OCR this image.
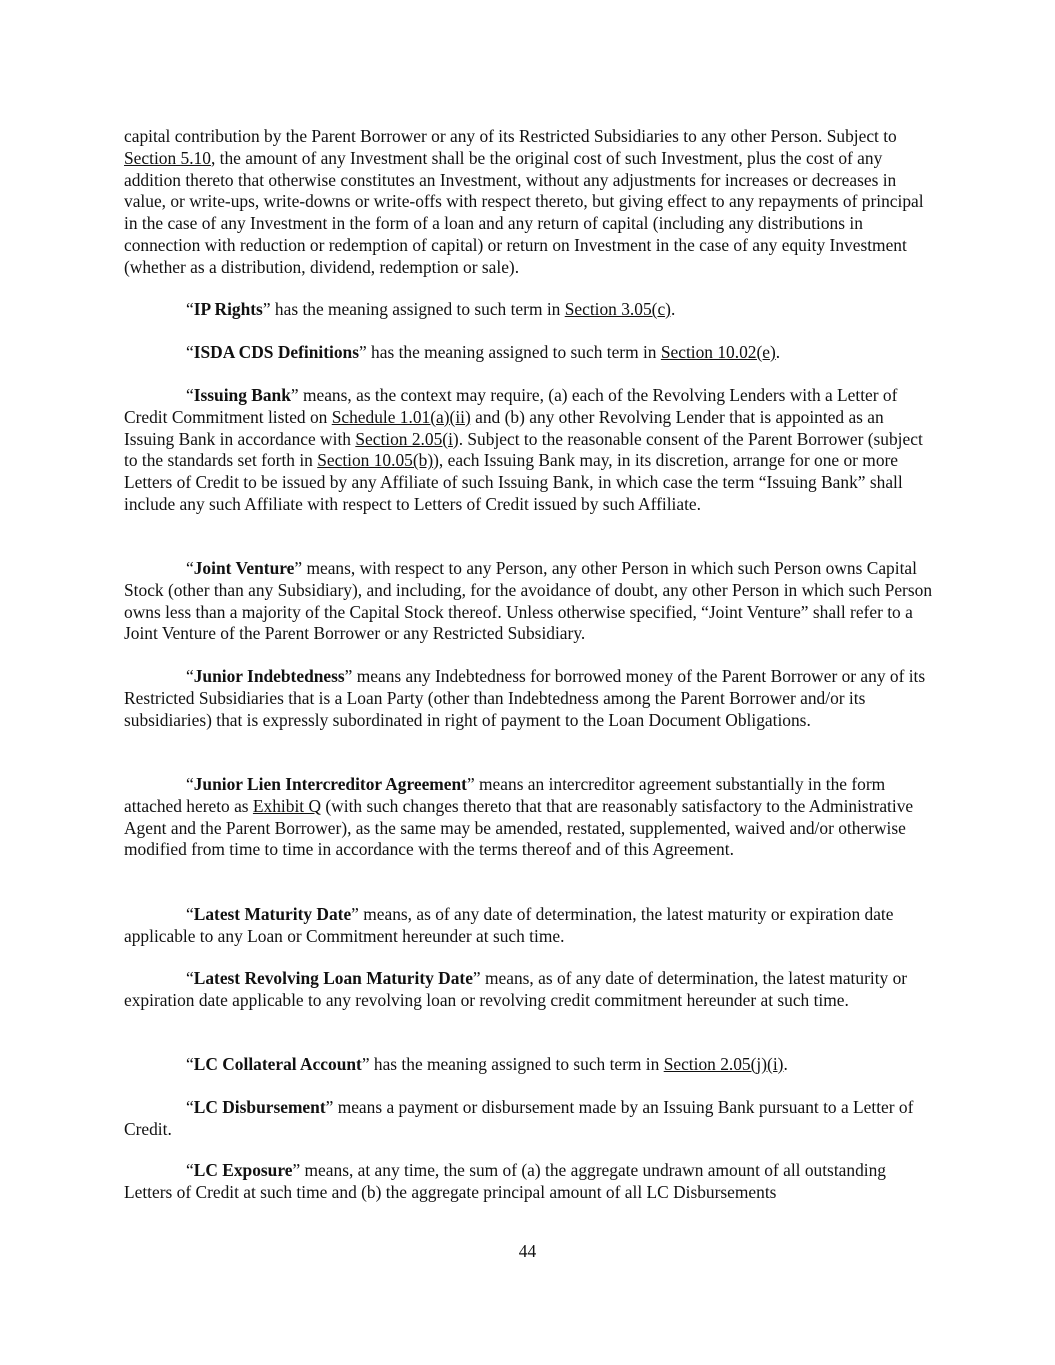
capital contribution by the Parent Borrower or any of its Restricted Subsidiaries to any other Person. Subject to Section 5.10, the amount of any Investment shall be the original cost of such Investment, plus the cost of any addition thereto that otherwise constitutes an Investment, without any adjustments for increases or decreases in value, or write-ups, write-downs or write-offs with respect thereto, but giving effect to any repayments of principal in the case of any Investment in the form of a loan and any return of capital (including any distributions in connection with reduction or redemption of capital) or return on Investment in the case of any equity Investment (whether as a distribution, dividend, redemption or sale).

“IP Rights” has the meaning assigned to such term in Section 3.05(c).

“ISDA CDS Definitions” has the meaning assigned to such term in Section 10.02(e).

“Issuing Bank” means, as the context may require, (a) each of the Revolving Lenders with a Letter of Credit Commitment listed on Schedule 1.01(a)(ii) and (b) any other Revolving Lender that is appointed as an Issuing Bank in accordance with Section 2.05(i). Subject to the reasonable consent of the Parent Borrower (subject to the standards set forth in Section 10.05(b)), each Issuing Bank may, in its discretion, arrange for one or more Letters of Credit to be issued by any Affiliate of such Issuing Bank, in which case the term “Issuing Bank” shall include any such Affiliate with respect to Letters of Credit issued by such Affiliate.

“Joint Venture” means, with respect to any Person, any other Person in which such Person owns Capital Stock (other than any Subsidiary), and including, for the avoidance of doubt, any other Person in which such Person owns less than a majority of the Capital Stock thereof. Unless otherwise specified, “Joint Venture” shall refer to a Joint Venture of the Parent Borrower or any Restricted Subsidiary.

“Junior Indebtedness” means any Indebtedness for borrowed money of the Parent Borrower or any of its Restricted Subsidiaries that is a Loan Party (other than Indebtedness among the Parent Borrower and/or its subsidiaries) that is expressly subordinated in right of payment to the Loan Document Obligations.

“Junior Lien Intercreditor Agreement” means an intercreditor agreement substantially in the form attached hereto as Exhibit Q (with such changes thereto that that are reasonably satisfactory to the Administrative Agent and the Parent Borrower), as the same may be amended, restated, supplemented, waived and/or otherwise modified from time to time in accordance with the terms thereof and of this Agreement.

“Latest Maturity Date” means, as of any date of determination, the latest maturity or expiration date applicable to any Loan or Commitment hereunder at such time.

“Latest Revolving Loan Maturity Date” means, as of any date of determination, the latest maturity or expiration date applicable to any revolving loan or revolving credit commitment hereunder at such time.

“LC Collateral Account” has the meaning assigned to such term in Section 2.05(j)(i).

“LC Disbursement” means a payment or disbursement made by an Issuing Bank pursuant to a Letter of Credit.

“LC Exposure” means, at any time, the sum of (a) the aggregate undrawn amount of all outstanding Letters of Credit at such time and (b) the aggregate principal amount of all LC Disbursements

44
